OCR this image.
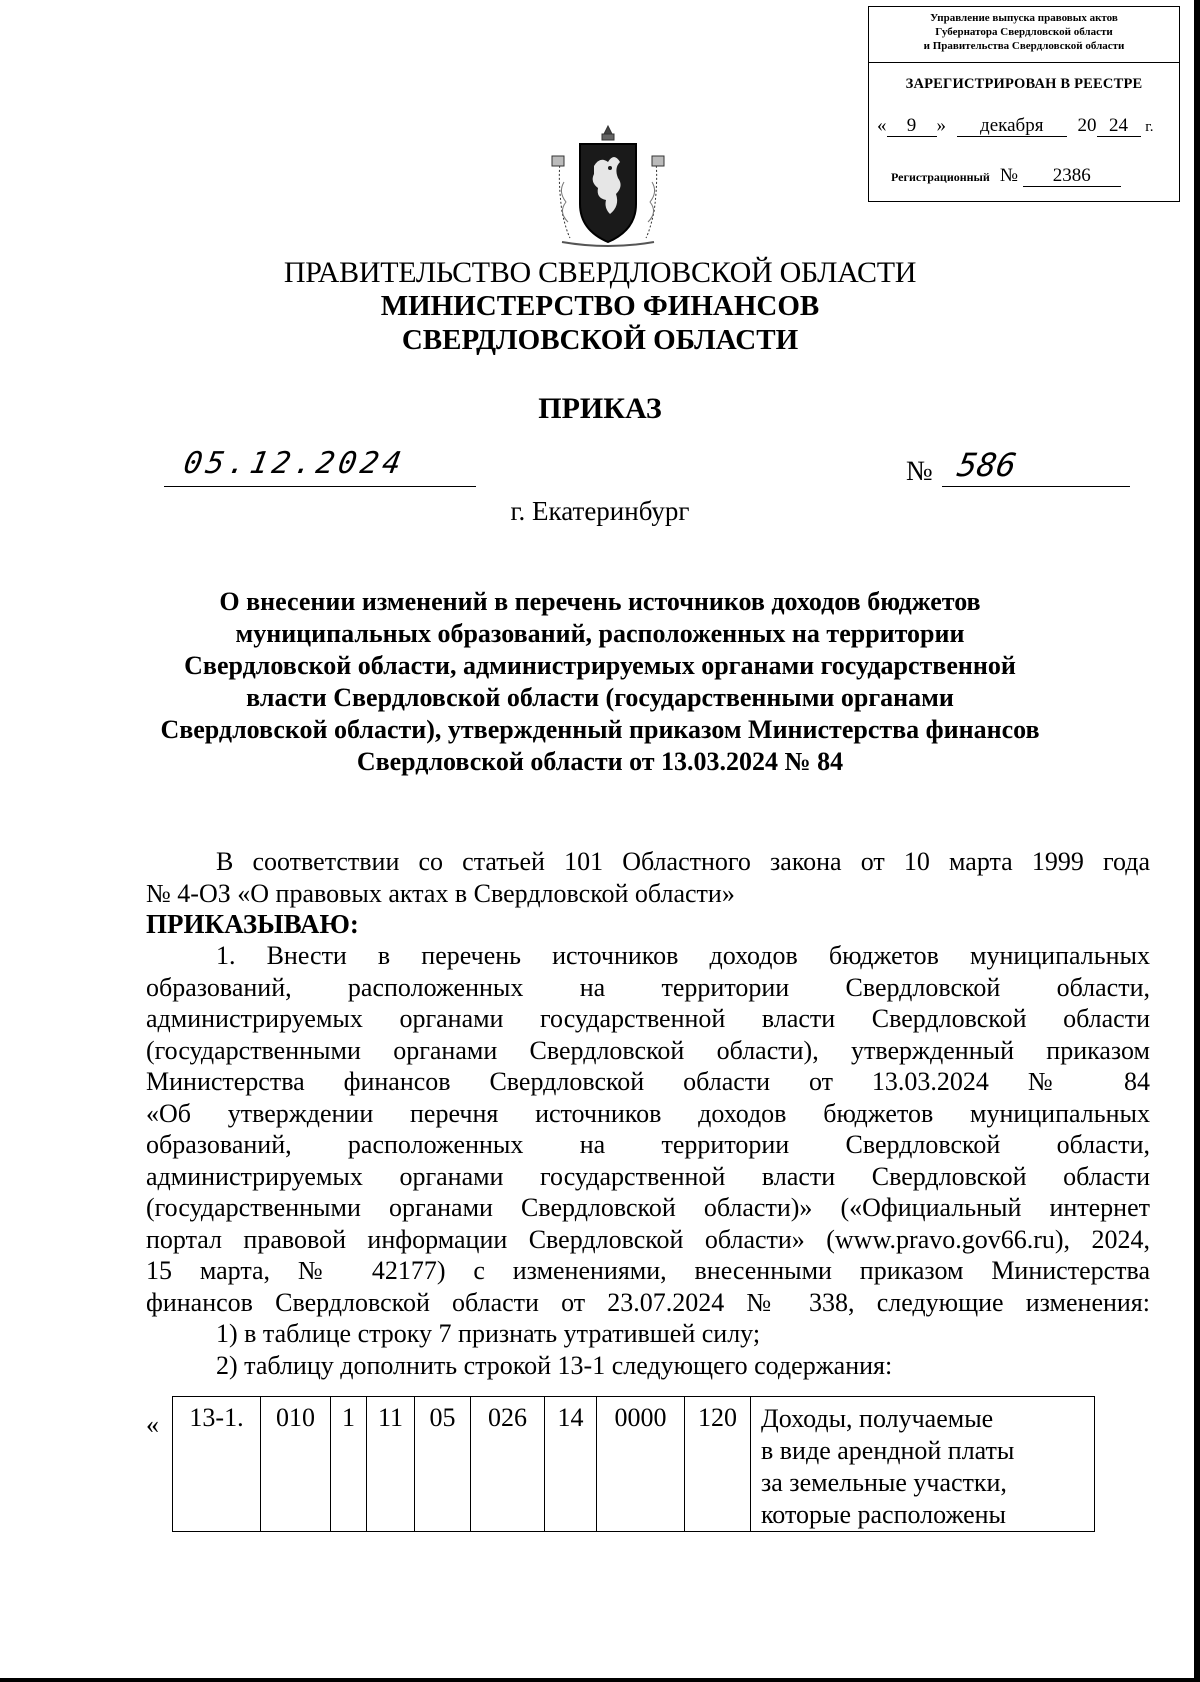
Управление выпуска правовых актов
Губернатора Свердловской области
и Правительства Свердловской области
ЗАРЕГИСТРИРОВАН В РЕЕСТРЕ
« 9 » декабря 20 24 г.
Регистрационный № 2386
ПРАВИТЕЛЬСТВО СВЕРДЛОВСКОЙ ОБЛАСТИ
МИНИСТЕРСТВО ФИНАНСОВ
СВЕРДЛОВСКОЙ ОБЛАСТИ
ПРИКАЗ
05.12.2024	№ 586
г. Екатеринбург
О внесении изменений в перечень источников доходов бюджетов
муниципальных образований, расположенных на территории
Свердловской области, администрируемых органами государственной
власти Свердловской области (государственными органами
Свердловской области), утвержденный приказом Министерства финансов
Свердловской области от 13.03.2024 № 84
В соответствии со статьей 101 Областного закона от 10 марта 1999 года
№ 4-ОЗ «О правовых актах в Свердловской области»
ПРИКАЗЫВАЮ:
1. Внести в перечень источников доходов бюджетов муниципальных
образований, расположенных на территории Свердловской области,
администрируемых органами государственной власти Свердловской области
(государственными органами Свердловской области), утвержденный приказом
Министерства финансов Свердловской области от 13.03.2024 № 84
«Об утверждении перечня источников доходов бюджетов муниципальных
образований, расположенных на территории Свердловской области,
администрируемых органами государственной власти Свердловской области
(государственными органами Свердловской области)» («Официальный интернет
портал правовой информации Свердловской области» (www.pravo.gov66.ru), 2024,
15 марта, № 42177) с изменениями, внесенными приказом Министерства
финансов Свердловской области от 23.07.2024 № 338, следующие изменения:
1) в таблице строку 7 признать утратившей силу;
2) таблицу дополнить строкой 13-1 следующего содержания:
« 13-1.	010	1	11	05	026	14	0000	120	Доходы, получаемые
в виде арендной платы
за земельные участки,
которые расположены
